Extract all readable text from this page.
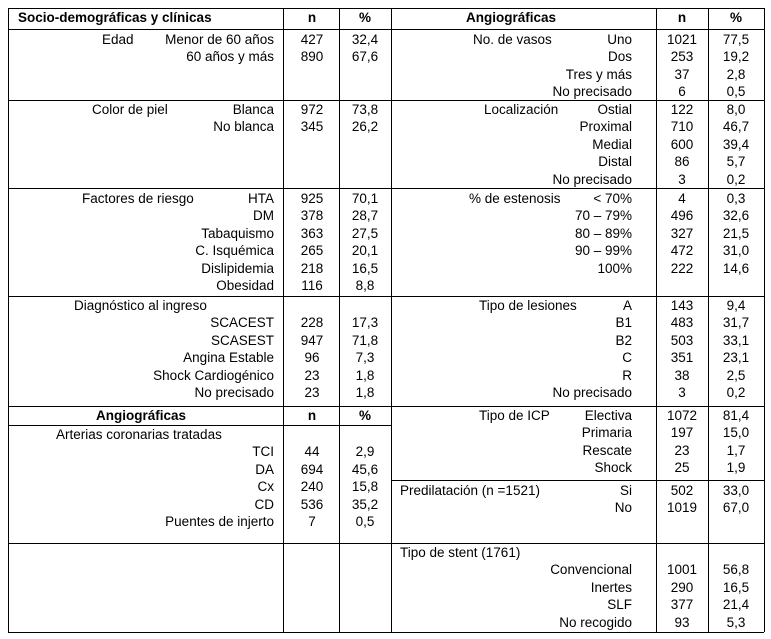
Socio-demográficas y clínicas	n	%
Edad Menor de 60 años	427	32,4
60 años y más	890	67,6
Color de piel	Blanca	972	73,8
No blanca	345	26,2
Factores de riesgo	HTA	925	70,1
DM	378	28,7
Tabaquismo	363	27,5
C. Isquémica	265	20,1
Dislipidemia	218	16,5
Obesidad	116	8,8
Diagnóstico al ingreso
SCACEST	228	17,3
SCASEST	947	71,8
Angina Estable	96	7,3
Shock Cardiogénico	23	1,8
No precisado	23	1,8
Angiográficas	n	%
Arterias coronarias tratadas
TCI	44	2,9
DA	694	45,6
Cx	240	15,8
CD	536	35,2
Puentes de injerto	7	0,5
Angiográficas	n	%
No. de vasos	Uno	1021	77,5
Dos	253	19,2
Tres y más	37	2,8
No precisado	6	0,5
Localización	Ostial	122	8,0
Proximal	710	46,7
Medial	600	39,4
Distal	86	5,7
No precisado	3	0,2
% de estenosis < 70%	4	0,3
70 – 79%	496	32,6
80 – 89%	327	21,5
90 – 99%	472	31,0
100%	222	14,6
Tipo de lesiones	A	143	9,4
B1	483	31,7
B2	503	33,1
C	351	23,1
R	38	2,5
No precisado	3	0,2
Tipo de ICP	Electiva	1072	81,4
Primaria	197	15,0
Rescate	23	1,7
Shock	25	1,9
Predilatación (n =1521)	Si	502	33,0
No	1019	67,0
Tipo de stent (1761)
Convencional	1001	56,8
Inertes	290	16,5
SLF	377	21,4
No recogido	93	5,3
